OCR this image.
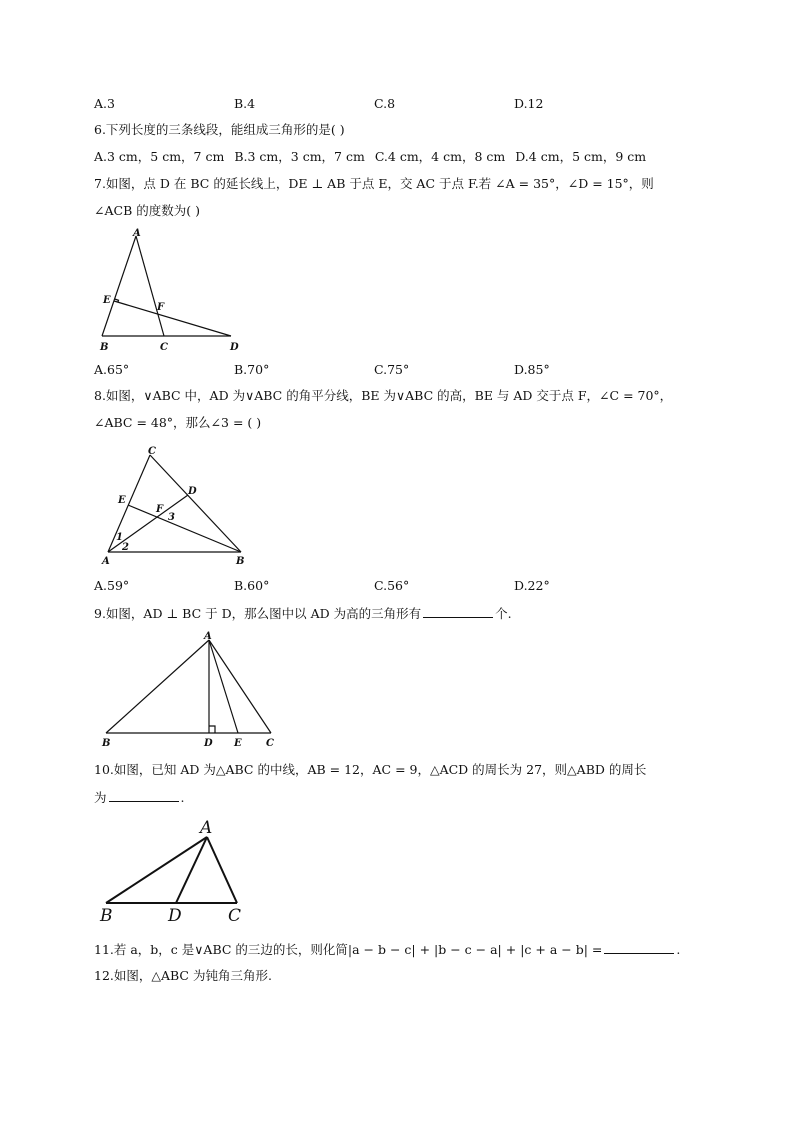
A.3	B.4	C.8	D.12
6.下列长度的三条线段，能组成三角形的是( )
A.3 cm，5 cm，7 cm B.3 cm，3 cm，7 cm C.4 cm，4 cm，8 cm D.4 cm，5 cm，9 cm
7.如图，点 D 在 BC 的延长线上，DE ⊥ AB 于点 E，交 AC 于点 F.若 ∠A = 35°，∠D = 15°，则
∠ACB 的度数为( )
A
E
F
B	C	D
A.65°	B.70°	C.75°	D.85°
8.如图，∨ABC 中，AD 为∨ABC 的角平分线，BE 为∨ABC 的高，BE 与 AD 交于点 F，∠C = 70°，
∠ABC = 48°，那么∠3 = ( )
C
E
D
F
3
1
2
A	B
A.59°	B.60°	C.56°	D.22°
9.如图，AD ⊥ BC 于 D，那么图中以 AD 为高的三角形有	个.
A
B	D E C
10.如图，已知 AD 为△ABC 的中线，AB = 12，AC = 9，△ACD 的周长为 27，则△ABD 的周长
为	.
A
B	D	C
11.若 a，b，c 是∨ABC 的三边的长，则化简|a − b − c| + |b − c − a| + |c + a − b| =	.
12.如图，△ABC 为钝角三角形.
